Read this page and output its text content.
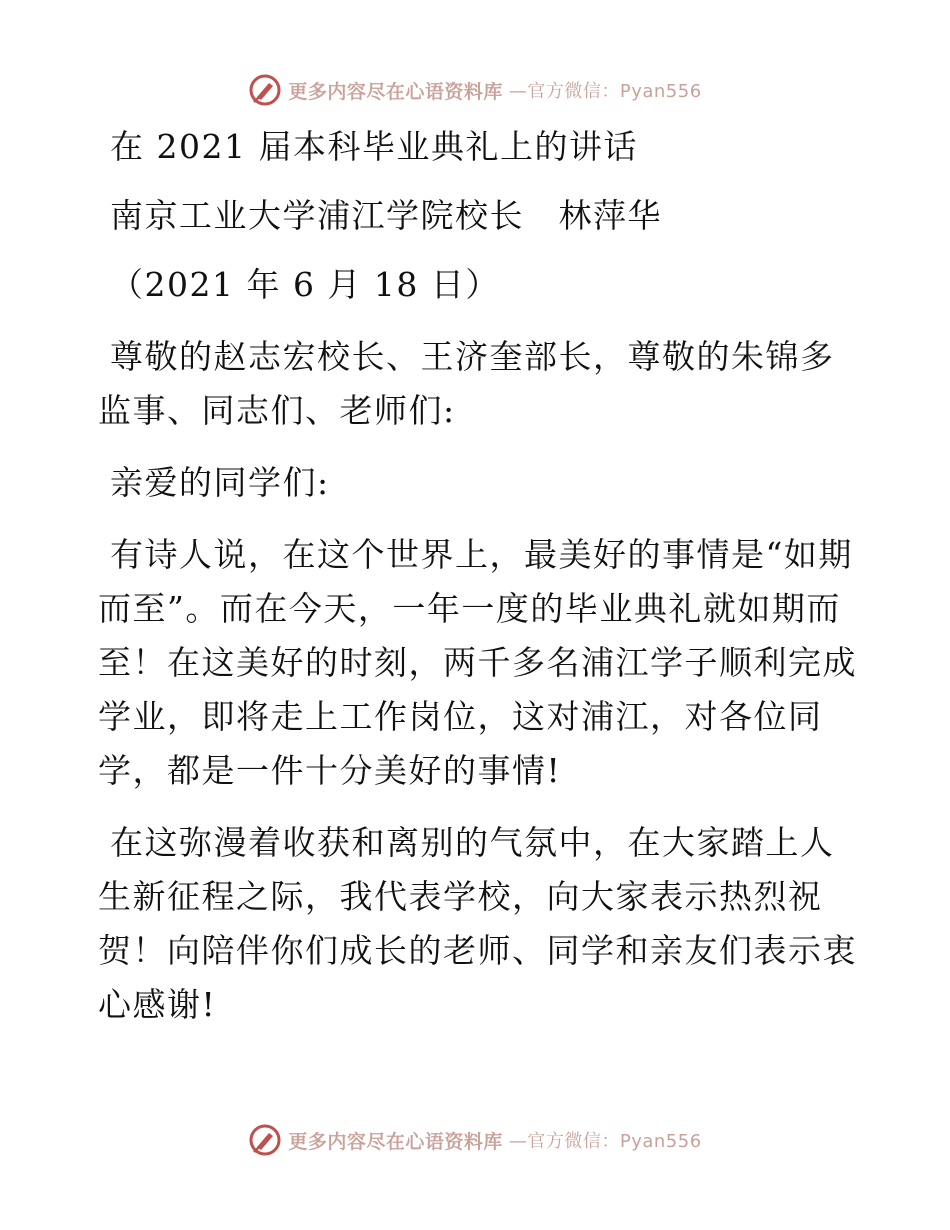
更多内容尽在心语资料库 —官方微信：Pyan556
在 2021 届本科毕业典礼上的讲话
南京工业大学浦江学院校长　林萍华
（2021 年 6 月 18 日）

尊敬的赵志宏校长、王济奎部长，尊敬的朱锦多监事、同志们、老师们:

亲爱的同学们:

有诗人说，在这个世界上，最美好的事情是“如期而至”。而在今天，一年一度的毕业典礼就如期而至！在这美好的时刻，两千多名浦江学子顺利完成学业，即将走上工作岗位，这对浦江，对各位同学，都是一件十分美好的事情!

在这弥漫着收获和离别的气氛中，在大家踏上人生新征程之际，我代表学校，向大家表示热烈祝贺！向陪伴你们成长的老师、同学和亲友们表示衷心感谢!

更多内容尽在心语资料库 —官方微信：Pyan556
